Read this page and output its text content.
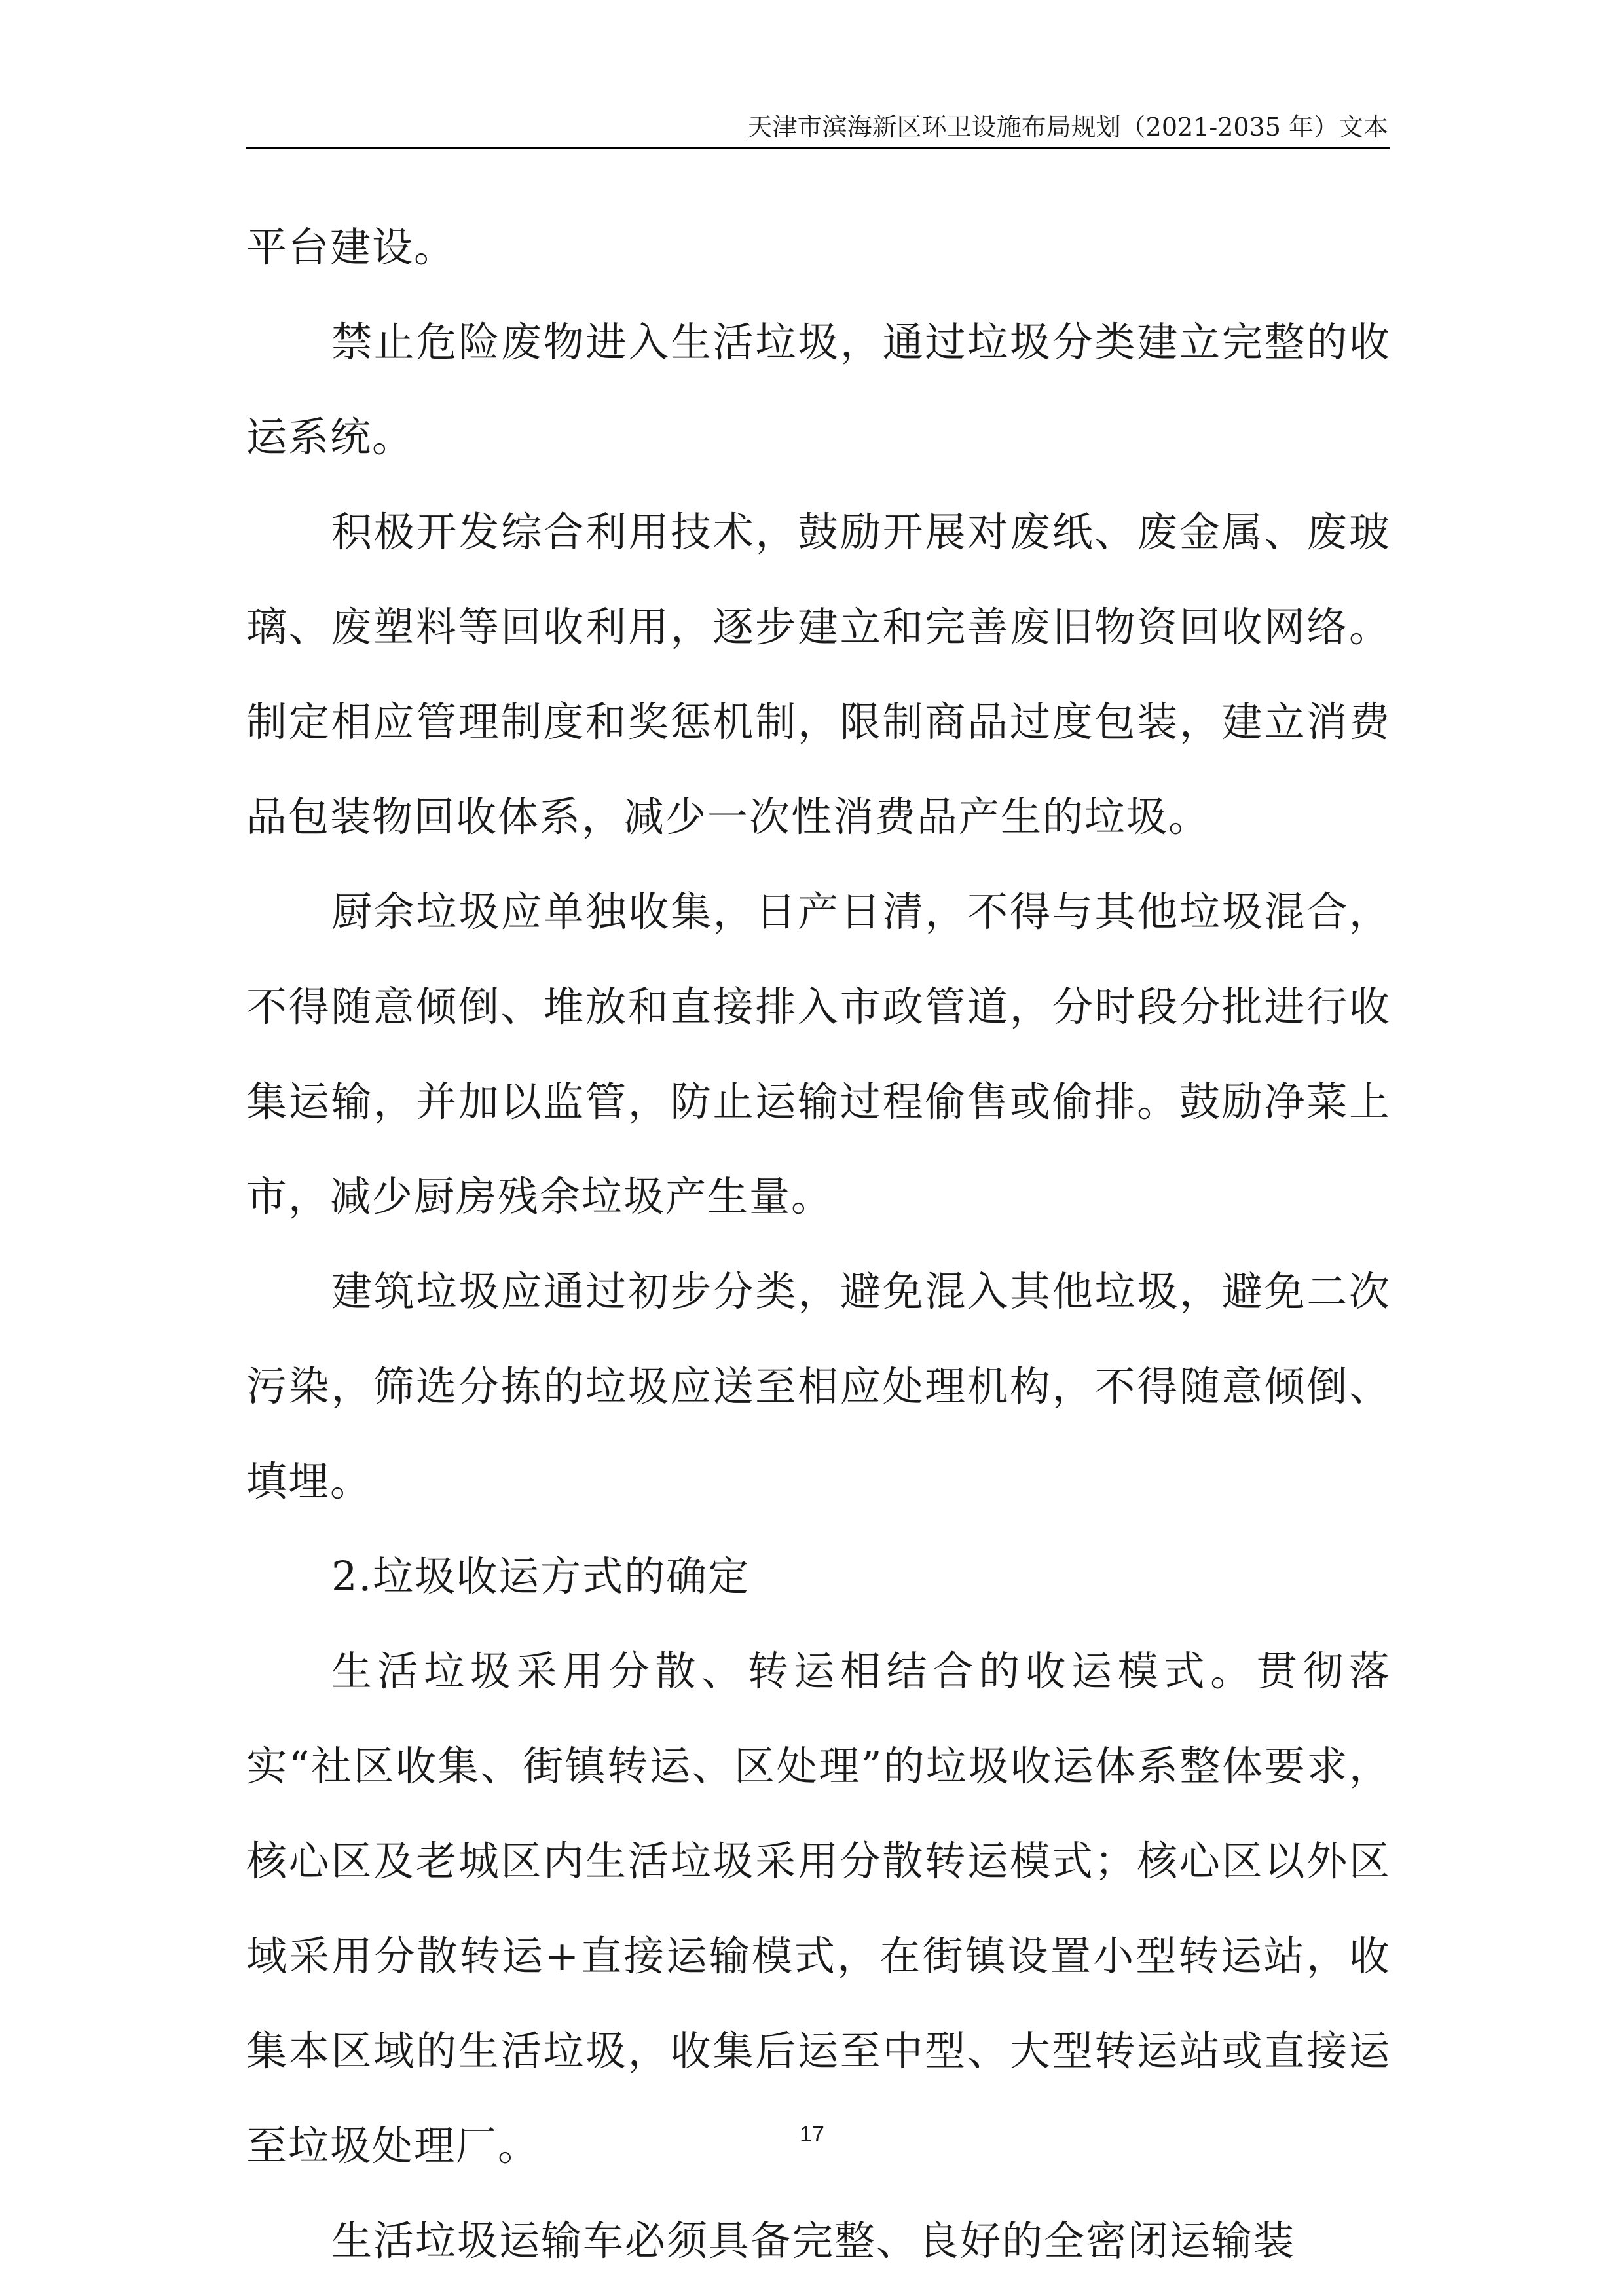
天津市滨海新区环卫设施布局规划（2021-2035 年）文本

平台建设。

禁止危险废物进入生活垃圾，通过垃圾分类建立完整的收运系统。

积极开发综合利用技术，鼓励开展对废纸、废金属、废玻璃、废塑料等回收利用，逐步建立和完善废旧物资回收网络。制定相应管理制度和奖惩机制，限制商品过度包装，建立消费品包装物回收体系，减少一次性消费品产生的垃圾。

厨余垃圾应单独收集，日产日清，不得与其他垃圾混合，不得随意倾倒、堆放和直接排入市政管道，分时段分批进行收集运输，并加以监管，防止运输过程偷售或偷排。鼓励净菜上市，减少厨房残余垃圾产生量。

建筑垃圾应通过初步分类，避免混入其他垃圾，避免二次污染，筛选分拣的垃圾应送至相应处理机构，不得随意倾倒、填埋。

2.垃圾收运方式的确定

生活垃圾采用分散、转运相结合的收运模式。贯彻落实“社区收集、街镇转运、区处理”的垃圾收运体系整体要求，核心区及老城区内生活垃圾采用分散转运模式；核心区以外区域采用分散转运+直接运输模式，在街镇设置小型转运站，收集本区域的生活垃圾，收集后运至中型、大型转运站或直接运至垃圾处理厂。

生活垃圾运输车必须具备完整、良好的全密闭运输装

17
